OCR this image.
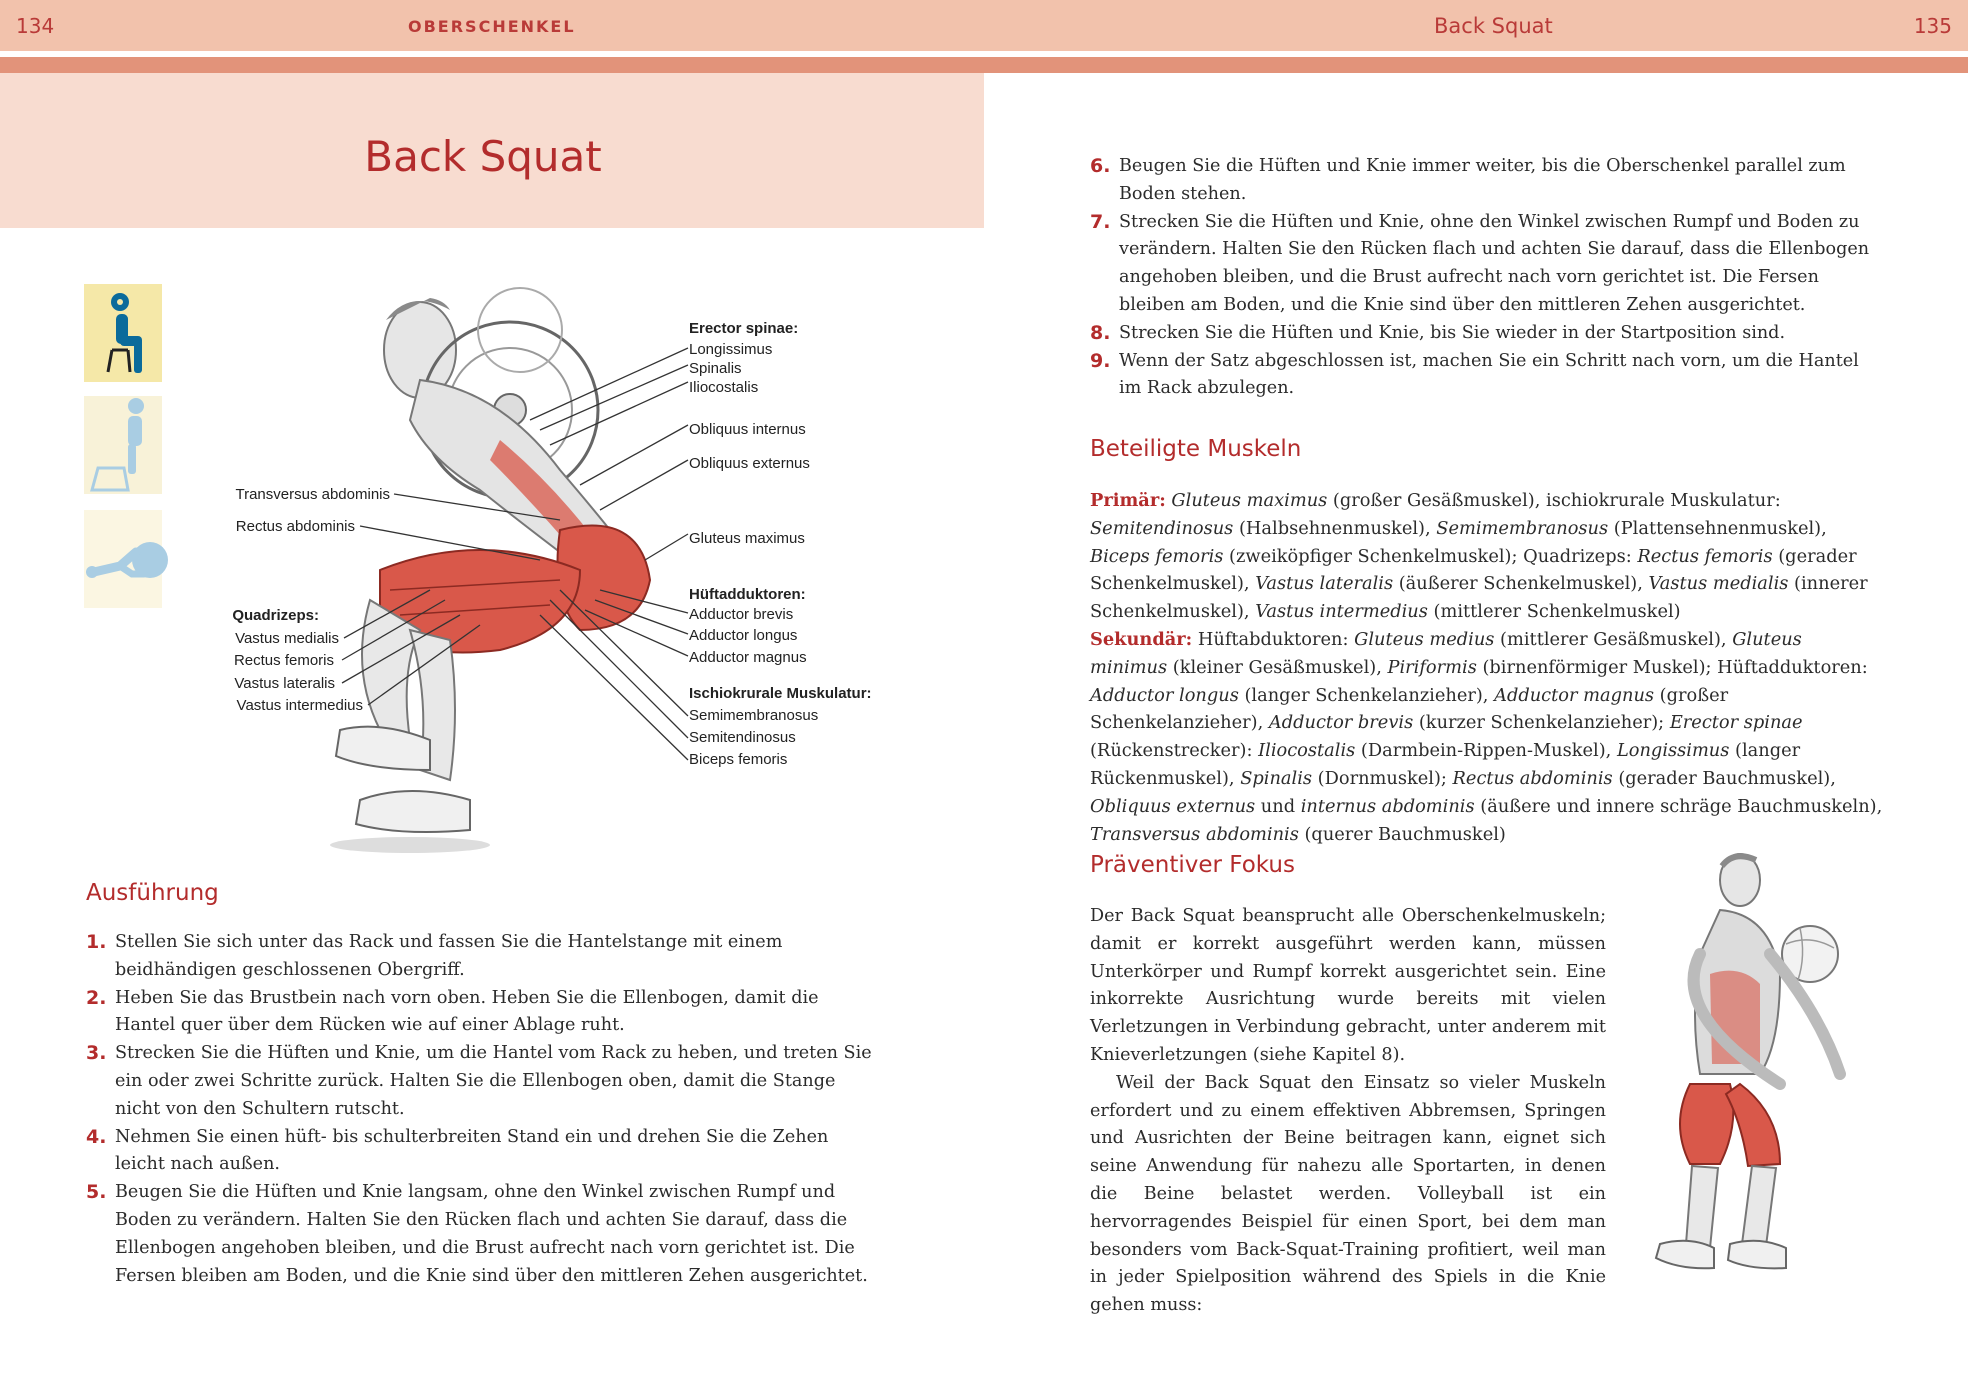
134	OBERSCHENKEL	Back Squat	135
Back Squat
Erector spinae:
Longissimus
Spinalis
Iliocostalis
Obliquus internus
Obliquus externus
Gluteus maximus
Hüftadduktoren:
Adductor brevis
Adductor longus
Adductor magnus
Ischiokrurale Muskulatur:
Semimembranosus
Semitendinosus
Biceps femoris
Transversus abdominis
Rectus abdominis
Quadrizeps:
Vastus medialis
Rectus femoris
Vastus lateralis
Vastus intermedius
Ausführung
1. Stellen Sie sich unter das Rack und fassen Sie die Hantelstange mit einem beidhändigen geschlossenen Obergriff.
2. Heben Sie das Brustbein nach vorn oben. Heben Sie die Ellenbogen, damit die Hantel quer über dem Rücken wie auf einer Ablage ruht.
3. Strecken Sie die Hüften und Knie, um die Hantel vom Rack zu heben, und treten Sie ein oder zwei Schritte zurück. Halten Sie die Ellenbogen oben, damit die Stange nicht von den Schultern rutscht.
4. Nehmen Sie einen hüft- bis schulterbreiten Stand ein und drehen Sie die Zehen leicht nach außen.
5. Beugen Sie die Hüften und Knie langsam, ohne den Winkel zwischen Rumpf und Boden zu verändern. Halten Sie den Rücken flach und achten Sie darauf, dass die Ellenbogen angehoben bleiben, und die Brust aufrecht nach vorn gerichtet ist. Die Fersen bleiben am Boden, und die Knie sind über den mittleren Zehen ausgerichtet.
6. Beugen Sie die Hüften und Knie immer weiter, bis die Oberschenkel parallel zum Boden stehen.
7. Strecken Sie die Hüften und Knie, ohne den Winkel zwischen Rumpf und Boden zu verändern. Halten Sie den Rücken flach und achten Sie darauf, dass die Ellenbogen angehoben bleiben, und die Brust aufrecht nach vorn gerichtet ist. Die Fersen bleiben am Boden, und die Knie sind über den mittleren Zehen ausgerichtet.
8. Strecken Sie die Hüften und Knie, bis Sie wieder in der Startposition sind.
9. Wenn der Satz abgeschlossen ist, machen Sie ein Schritt nach vorn, um die Hantel im Rack abzulegen.
Beteiligte Muskeln

Primär: Gluteus maximus (großer Gesäßmuskel), ischiokrurale Muskulatur: Semitendinosus (Halbsehnenmuskel), Semimembranosus (Plattensehnenmuskel), Biceps femoris (zweiköpfiger Schenkelmuskel); Quadrizeps: Rectus femoris (gerader Schenkelmuskel), Vastus lateralis (äußerer Schenkelmuskel), Vastus medialis (innerer Schenkelmuskel), Vastus intermedius (mittlerer Schenkelmuskel)

Sekundär: Hüftabduktoren: Gluteus medius (mittlerer Gesäßmuskel), Gluteus minimus (kleiner Gesäßmuskel), Piriformis (birnenförmiger Muskel); Hüftadduktoren: Adductor longus (langer Schenkelanzieher), Adductor magnus (großer Schenkelanzieher), Adductor brevis (kurzer Schenkelanzieher); Erector spinae (Rückenstrecker): Iliocostalis (Darmbein-Rippen-Muskel), Longissimus (langer Rückenmuskel), Spinalis (Dornmuskel); Rectus abdominis (gerader Bauchmuskel), Obliquus externus und internus abdominis (äußere und innere schräge Bauchmuskeln), Transversus abdominis (querer Bauchmuskel)

Präventiver Fokus

Der Back Squat beansprucht alle Oberschenkelmuskeln; damit er korrekt ausgeführt werden kann, müssen Unterkörper und Rumpf korrekt ausgerichtet sein. Eine inkorrekte Ausrichtung wurde bereits mit vielen Verletzungen in Verbindung gebracht, unter anderem mit Knieverletzungen (siehe Kapitel 8).

Weil der Back Squat den Einsatz so vieler Muskeln erfordert und zu einem effektiven Abbremsen, Springen und Ausrichten der Beine beitragen kann, eignet sich seine Anwendung für nahezu alle Sportarten, in denen die Beine belastet werden. Volleyball ist ein hervorragendes Beispiel für einen Sport, bei dem man besonders vom Back-Squat-Training profitiert, weil man in jeder Spielposition während des Spiels in die Knie gehen muss:
